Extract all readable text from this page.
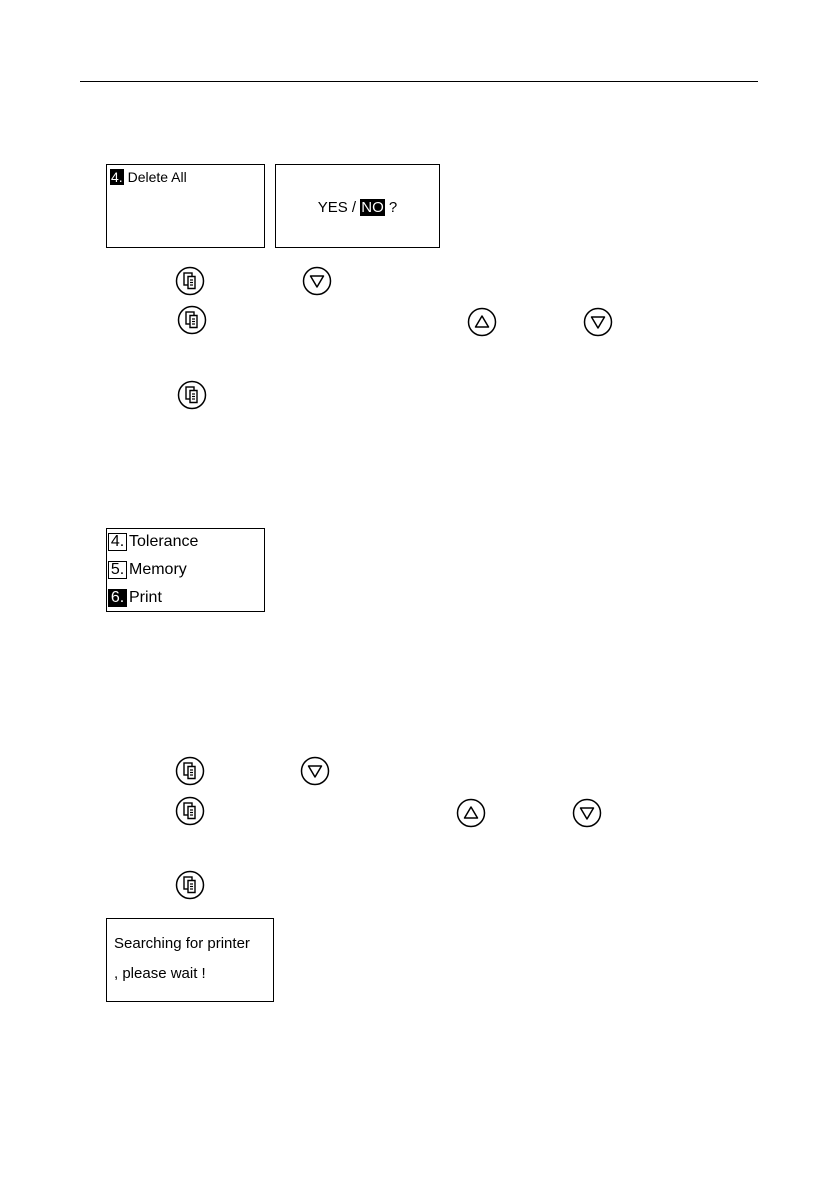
4. Delete All
YES / NO ?
4. Tolerance
5. Memory
6. Print
Searching for printer
, please wait !
